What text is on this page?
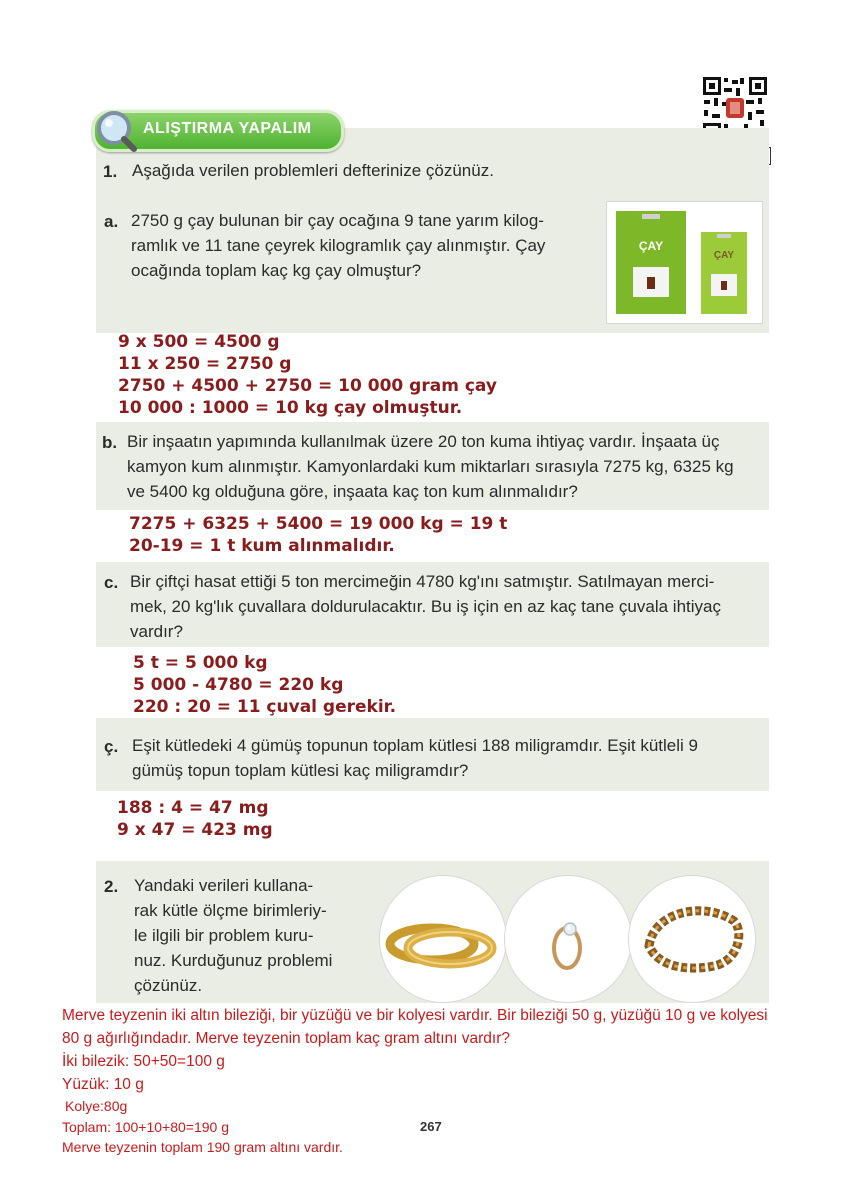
ALIŞTIRMA YAPALIM
1. Aşağıda verilen problemleri defterinize çözünüz.
a. 2750 g çay bulunan bir çay ocağına 9 tane yarım kilog-
ramlık ve 11 tane çeyrek kilogramlık çay alınmıştır. Çay
ocağında toplam kaç kg çay olmuştur?
ÇAY
ÇAY
9 x 500 = 4500 g
11 x 250 = 2750 g
2750 + 4500 + 2750 = 10 000 gram çay
10 000 : 1000 = 10 kg çay olmuştur.
b. Bir inşaatın yapımında kullanılmak üzere 20 ton kuma ihtiyaç vardır. İnşaata üç
kamyon kum alınmıştır. Kamyonlardaki kum miktarları sırasıyla 7275 kg, 6325 kg
ve 5400 kg olduğuna göre, inşaata kaç ton kum alınmalıdır?
7275 + 6325 + 5400 = 19 000 kg = 19 t
20-19 = 1 t kum alınmalıdır.
c. Bir çiftçi hasat ettiği 5 ton mercimeğin 4780 kg'ını satmıştır. Satılmayan merci-
mek, 20 kg'lık çuvallara doldurulacaktır. Bu iş için en az kaç tane çuvala ihtiyaç
vardır?
5 t = 5 000 kg
5 000 - 4780 = 220 kg
220 : 20 = 11 çuval gerekir.
ç. Eşit kütledeki 4 gümüş topunun toplam kütlesi 188 miligramdır. Eşit kütleli 9
gümüş topun toplam kütlesi kaç miligramdır?
188 : 4 = 47 mg
9 x 47 = 423 mg
2. Yandaki verileri kullana-
rak kütle ölçme birimleriy-
le ilgili bir problem kuru-
nuz. Kurduğunuz problemi
çözünüz.
Merve teyzenin iki altın bileziği, bir yüzüğü ve bir kolyesi vardır. Bir bileziği 50 g, yüzüğü 10 g ve kolyesi
80 g ağırlığındadır. Merve teyzenin toplam kaç gram altını vardır?
İki bilezik: 50+50=100 g
Yüzük: 10 g
Kolye:80g
Toplam: 100+10+80=190 g
Merve teyzenin toplam 190 gram altını vardır.
267
